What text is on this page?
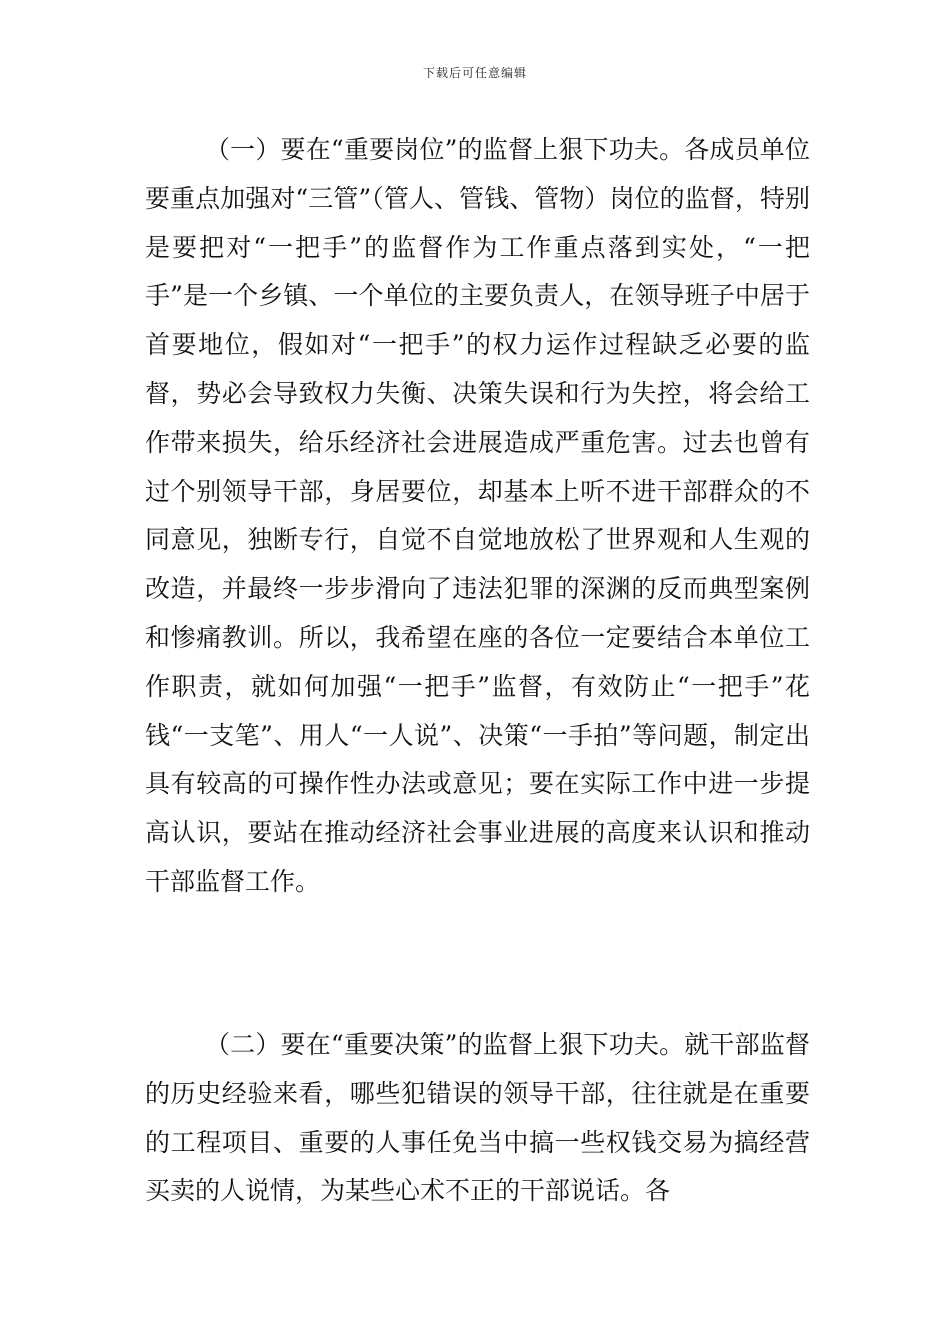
下载后可任意编辑

（一）要在“重要岗位”的监督上狠下功夫。各成员单位要重点加强对“三管”（管人、管钱、管物）岗位的监督，特别是要把对“一把手”的监督作为工作重点落到实处，“一把手”是一个乡镇、一个单位的主要负责人，在领导班子中居于首要地位，假如对“一把手”的权力运作过程缺乏必要的监督，势必会导致权力失衡、决策失误和行为失控，将会给工作带来损失，给乐经济社会进展造成严重危害。过去也曾有过个别领导干部，身居要位，却基本上听不进干部群众的不同意见，独断专行，自觉不自觉地放松了世界观和人生观的改造，并最终一步步滑向了违法犯罪的深渊的反而典型案例和惨痛教训。所以，我希望在座的各位一定要结合本单位工作职责，就如何加强“一把手”监督，有效防止“一把手”花钱“一支笔”、用人“一人说”、决策“一手拍”等问题，制定出具有较高的可操作性办法或意见；要在实际工作中进一步提高认识，要站在推动经济社会事业进展的高度来认识和推动干部监督工作。

（二）要在“重要决策”的监督上狠下功夫。就干部监督的历史经验来看，哪些犯错误的领导干部，往往就是在重要的工程项目、重要的人事任免当中搞一些权钱交易为搞经营买卖的人说情，为某些心术不正的干部说话。各
